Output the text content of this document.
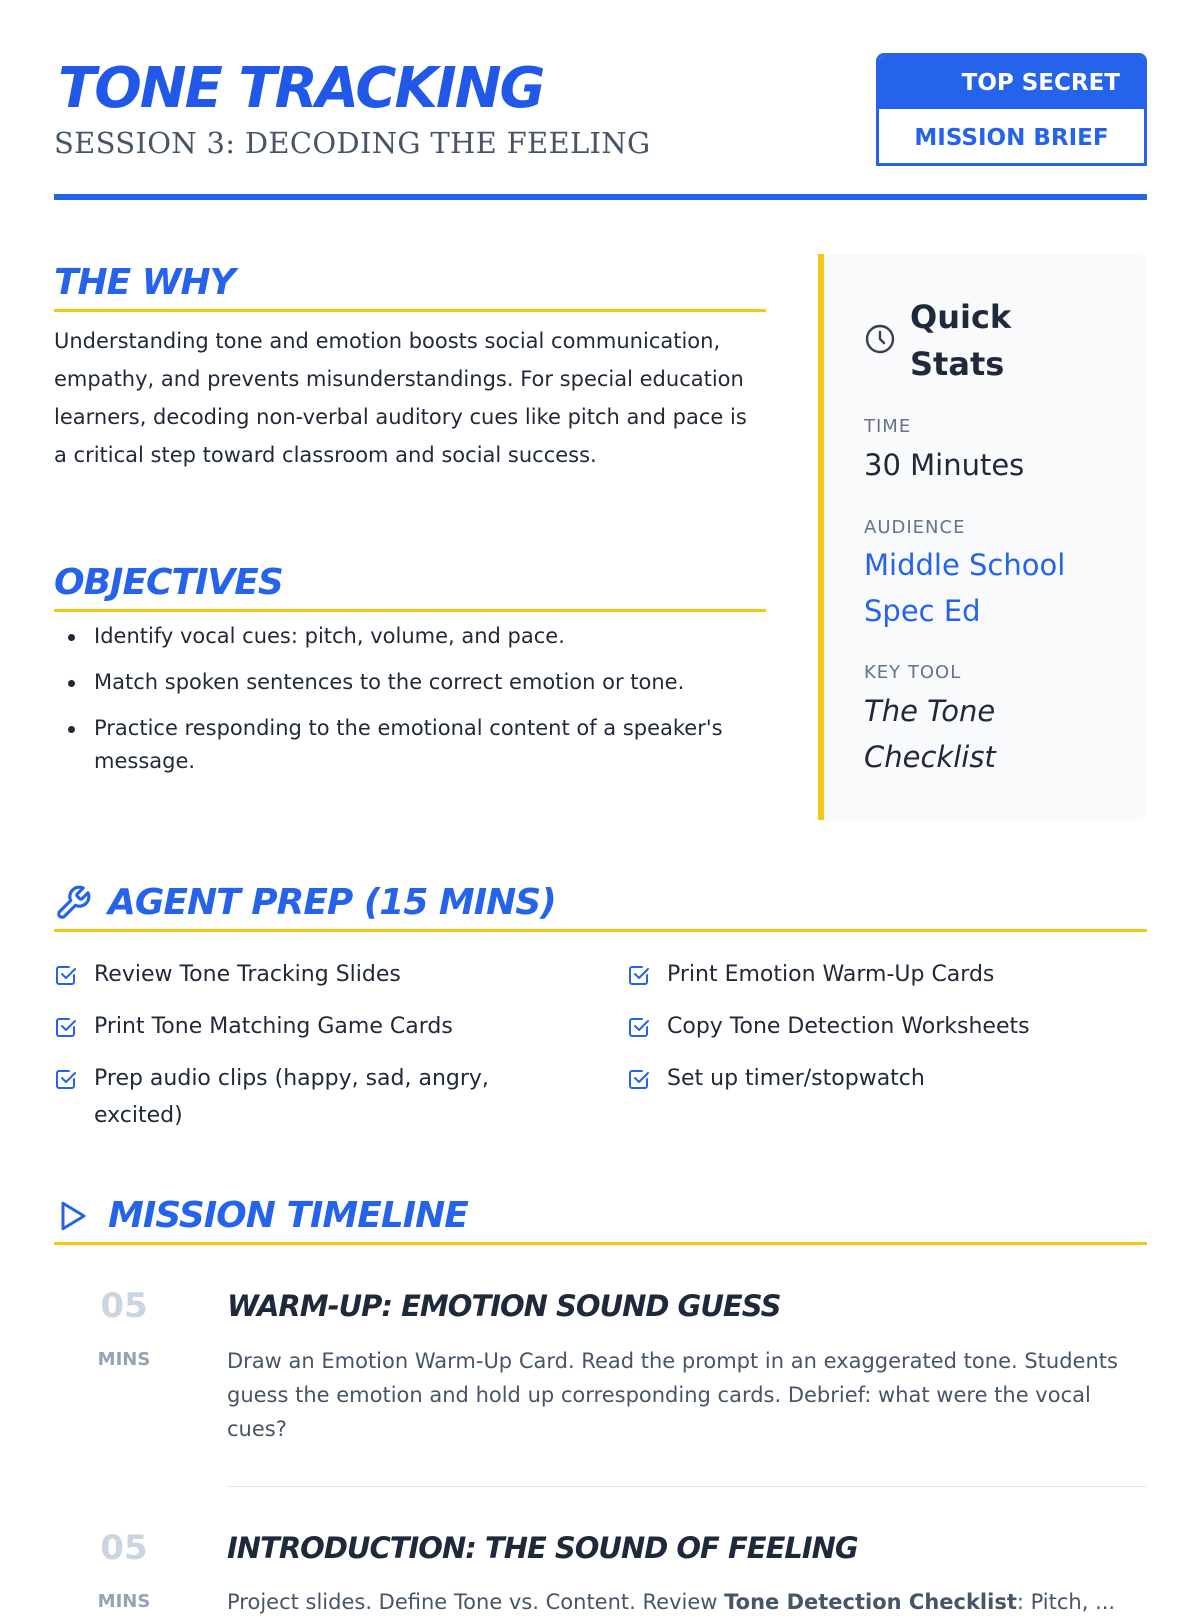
TONE TRACKING
SESSION 3: DECODING THE FEELING
TOP SECRET
MISSION BRIEF
THE WHY

Understanding tone and emotion boosts social communication, empathy, and prevents misunderstandings. For special education learners, decoding non-verbal auditory cues like pitch and pace is a critical step toward classroom and social success.

OBJECTIVES
Identify vocal cues: pitch, volume, and pace.
Match spoken sentences to the correct emotion or tone.
Practice responding to the emotional content of a speaker's message.
Quick Stats
TIME
30 Minutes
AUDIENCE
Middle School Spec Ed
KEY TOOL
The Tone Checklist
AGENT PREP (15 MINS)
Review Tone Tracking Slides	Print Emotion Warm-Up Cards
Print Tone Matching Game Cards	Copy Tone Detection Worksheets
Prep audio clips (happy, sad, angry, excited)
Set up timer/stopwatch
MISSION TIMELINE
05
MINS
WARM-UP: EMOTION SOUND GUESS
Draw an Emotion Warm-Up Card. Read the prompt in an exaggerated tone. Students guess the emotion and hold up corresponding cards. Debrief: what were the vocal cues?
05
MINS
INTRODUCTION: THE SOUND OF FEELING
Project slides. Define Tone vs. Content. Review Tone Detection Checklist: Pitch, ...
